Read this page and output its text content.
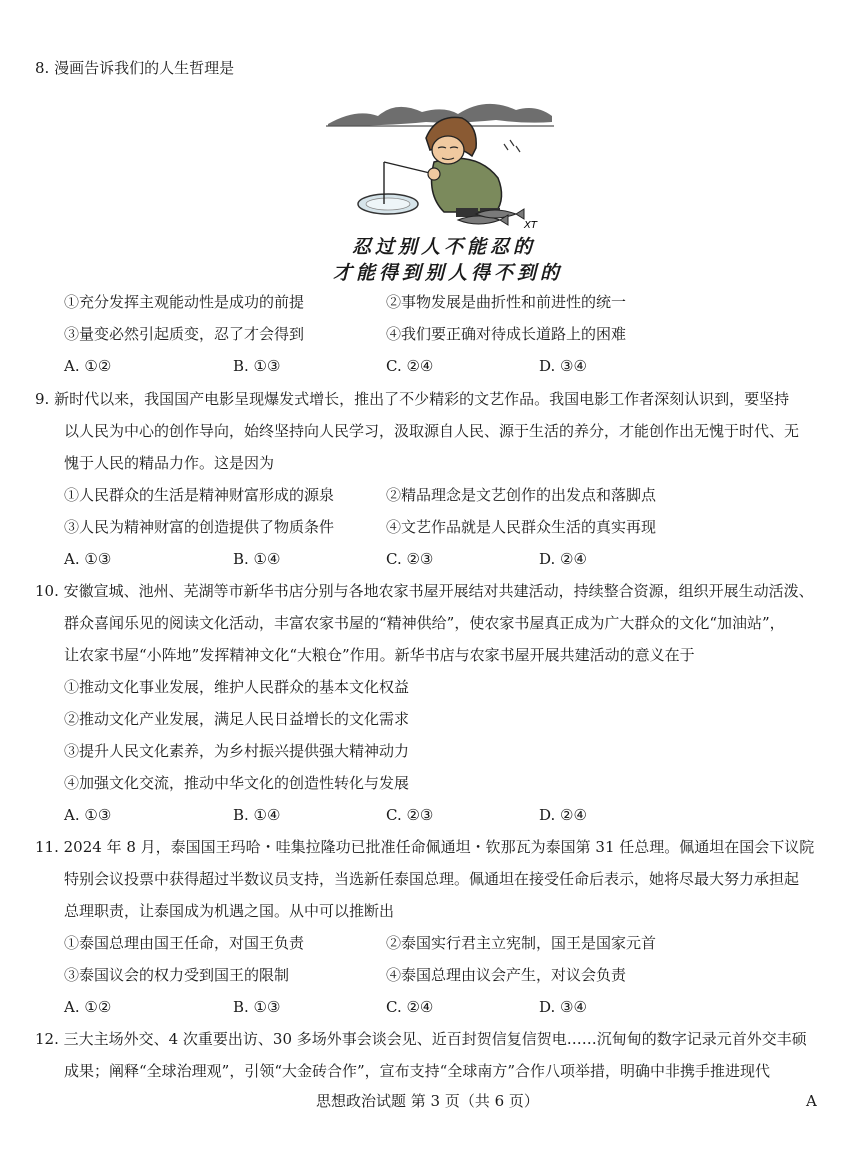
8. 漫画告诉我们的人生哲理是
XT
忍过别人不能忍的
才能得到别人得不到的
①充分发挥主观能动性是成功的前提	②事物发展是曲折性和前进性的统一
③量变必然引起质变，忍了才会得到	④我们要正确对待成长道路上的困难
A. ①②	B. ①③	C. ②④	D. ③④
9. 新时代以来，我国国产电影呈现爆发式增长，推出了不少精彩的文艺作品。我国电影工作者深刻认识到，要坚持
以人民为中心的创作导向，始终坚持向人民学习，汲取源自人民、源于生活的养分，才能创作出无愧于时代、无
愧于人民的精品力作。这是因为
①人民群众的生活是精神财富形成的源泉	②精品理念是文艺创作的出发点和落脚点
③人民为精神财富的创造提供了物质条件	④文艺作品就是人民群众生活的真实再现
A. ①③	B. ①④	C. ②③	D. ②④
10. 安徽宣城、池州、芜湖等市新华书店分别与各地农家书屋开展结对共建活动，持续整合资源，组织开展生动活泼、
群众喜闻乐见的阅读文化活动，丰富农家书屋的“精神供给”，使农家书屋真正成为广大群众的文化“加油站”，
让农家书屋“小阵地”发挥精神文化“大粮仓”作用。新华书店与农家书屋开展共建活动的意义在于
①推动文化事业发展，维护人民群众的基本文化权益
②推动文化产业发展，满足人民日益增长的文化需求
③提升人民文化素养，为乡村振兴提供强大精神动力
④加强文化交流，推动中华文化的创造性转化与发展
A. ①③	B. ①④	C. ②③	D. ②④
11. 2024 年 8 月，泰国国王玛哈・哇集拉隆功已批准任命佩通坦・钦那瓦为泰国第 31 任总理。佩通坦在国会下议院
特别会议投票中获得超过半数议员支持，当选新任泰国总理。佩通坦在接受任命后表示，她将尽最大努力承担起
总理职责，让泰国成为机遇之国。从中可以推断出
①泰国总理由国王任命，对国王负责	②泰国实行君主立宪制，国王是国家元首
③泰国议会的权力受到国王的限制	④泰国总理由议会产生，对议会负责
A. ①②	B. ①③	C. ②④	D. ③④
12. 三大主场外交、4 次重要出访、30 多场外事会谈会见、近百封贺信复信贺电……沉甸甸的数字记录元首外交丰硕
成果；阐释“全球治理观”，引领“大金砖合作”，宣布支持“全球南方”合作八项举措，明确中非携手推进现代
思想政治试题 第 3 页（共 6 页）	A
